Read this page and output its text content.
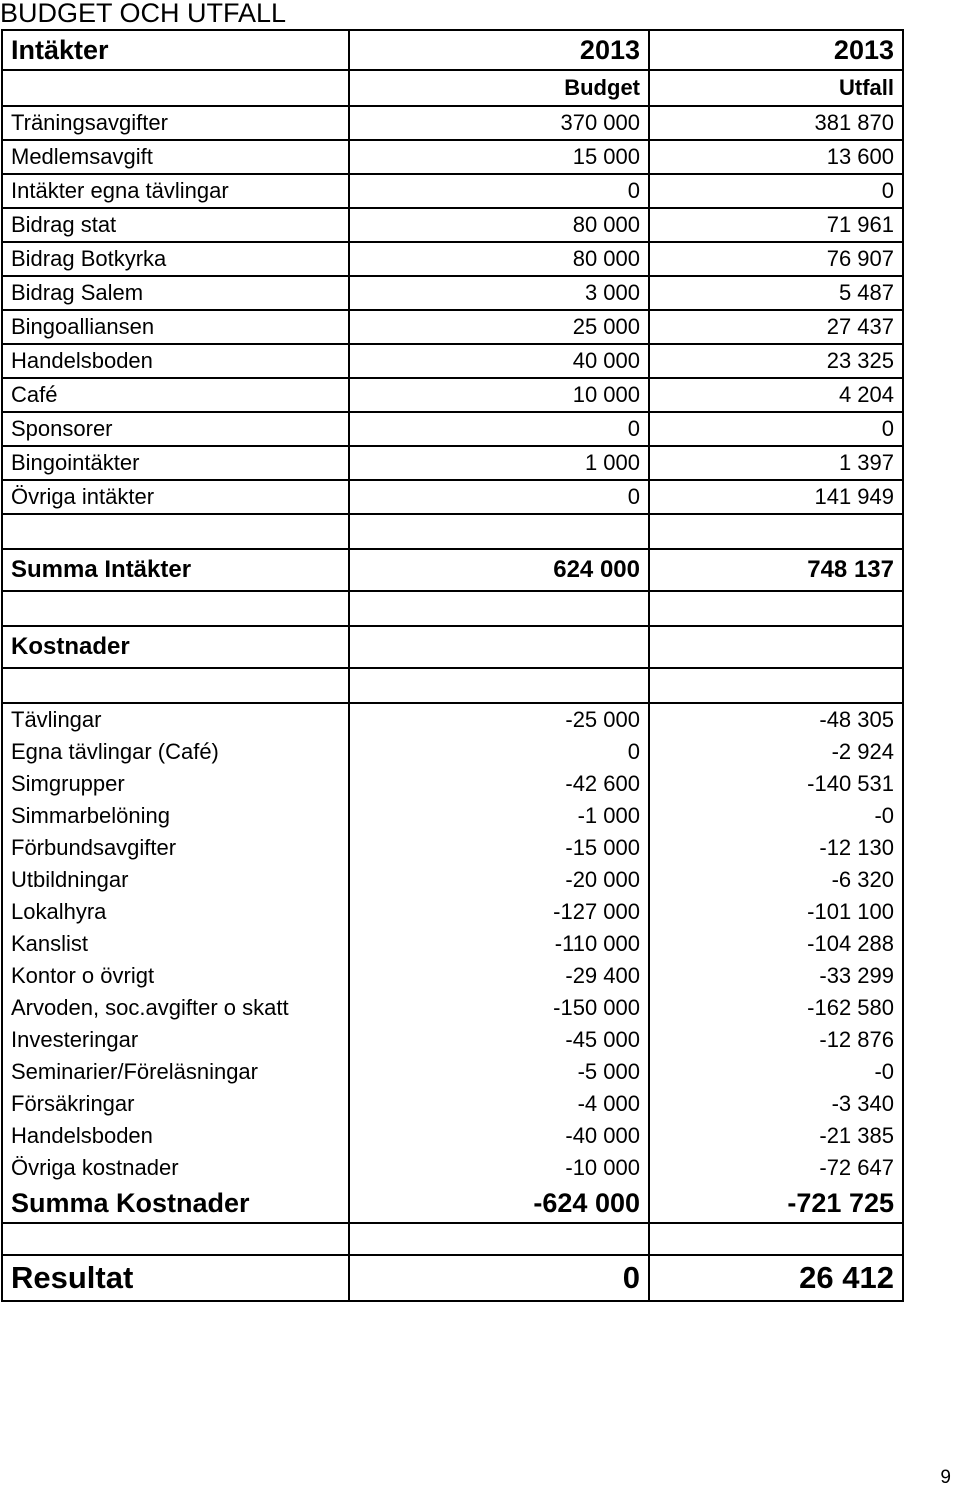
BUDGET OCH UTFALL
Intäkter	2013	2013
	Budget	Utfall
Träningsavgifter	370 000	381 870
Medlemsavgift	15 000	13 600
Intäkter egna tävlingar	0	0
Bidrag stat	80 000	71 961
Bidrag Botkyrka	80 000	76 907
Bidrag Salem	3 000	5 487
Bingoalliansen	25 000	27 437
Handelsboden	40 000	23 325
Café	10 000	4 204
Sponsorer	0	0
Bingointäkter	1 000	1 397
Övriga intäkter	0	141 949

Summa Intäkter	624 000	748 137

Kostnader		

Tävlingar	-25 000	-48 305
Egna tävlingar (Café)	0	-2 924
Simgrupper	-42 600	-140 531
Simmarbelöning	-1 000	-0
Förbundsavgifter	-15 000	-12 130
Utbildningar	-20 000	-6 320
Lokalhyra	-127 000	-101 100
Kanslist	-110 000	-104 288
Kontor o övrigt	-29 400	-33 299
Arvoden, soc.avgifter o skatt	-150 000	-162 580
Investeringar	-45 000	-12 876
Seminarier/Föreläsningar	-5 000	-0
Försäkringar	-4 000	-3 340
Handelsboden	-40 000	-21 385
Övriga kostnader	-10 000	-72 647
Summa Kostnader	-624 000	-721 725

Resultat	0	26 412
9
